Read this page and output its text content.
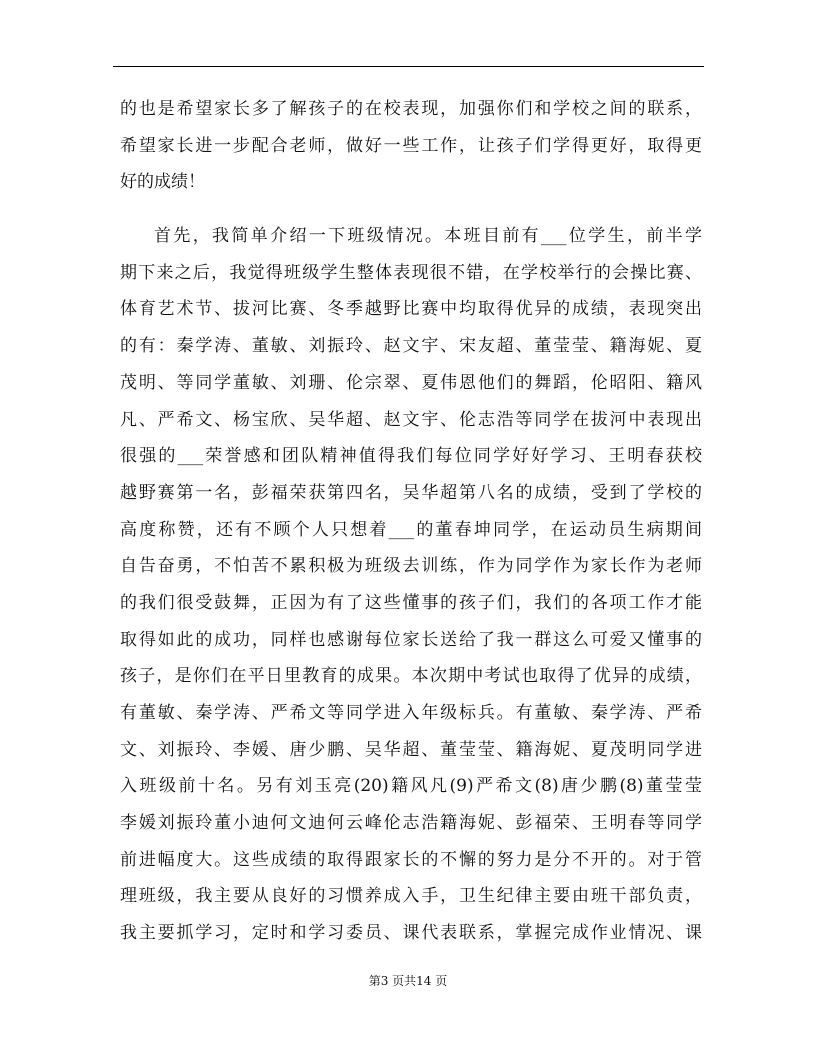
的也是希望家长多了解孩子的在校表现，加强你们和学校之间的联系，
希望家长进一步配合老师，做好一些工作，让孩子们学得更好，取得更
好的成绩！
首先，我简单介绍一下班级情况。本班目前有___位学生，前半学
期下来之后，我觉得班级学生整体表现很不错，在学校举行的会操比赛、
体育艺术节、拔河比赛、冬季越野比赛中均取得优异的成绩，表现突出
的有：秦学涛、董敏、刘振玲、赵文宇、宋友超、董莹莹、籍海妮、夏
茂明、等同学董敏、刘珊、伦宗翠、夏伟恩他们的舞蹈，伦昭阳、籍风
凡、严希文、杨宝欣、吴华超、赵文宇、伦志浩等同学在拔河中表现出
很强的___荣誉感和团队精神值得我们每位同学好好学习、王明春获校
越野赛第一名，彭福荣获第四名，吴华超第八名的成绩，受到了学校的
高度称赞，还有不顾个人只想着___的董春坤同学，在运动员生病期间
自告奋勇，不怕苦不累积极为班级去训练，作为同学作为家长作为老师
的我们很受鼓舞，正因为有了这些懂事的孩子们，我们的各项工作才能
取得如此的成功，同样也感谢每位家长送给了我一群这么可爱又懂事的
孩子，是你们在平日里教育的成果。本次期中考试也取得了优异的成绩，
有董敏、秦学涛、严希文等同学进入年级标兵。有董敏、秦学涛、严希
文、刘振玲、李媛、唐少鹏、吴华超、董莹莹、籍海妮、夏茂明同学进
入班级前十名。另有刘玉亮(20)籍风凡(9)严希文(8)唐少鹏(8)董莹莹
李媛刘振玲董小迪何文迪何云峰伦志浩籍海妮、彭福荣、王明春等同学
前进幅度大。这些成绩的取得跟家长的不懈的努力是分不开的。对于管
理班级，我主要从良好的习惯养成入手，卫生纪律主要由班干部负责，
我主要抓学习，定时和学习委员、课代表联系，掌握完成作业情况、课
第3 页共14 页
